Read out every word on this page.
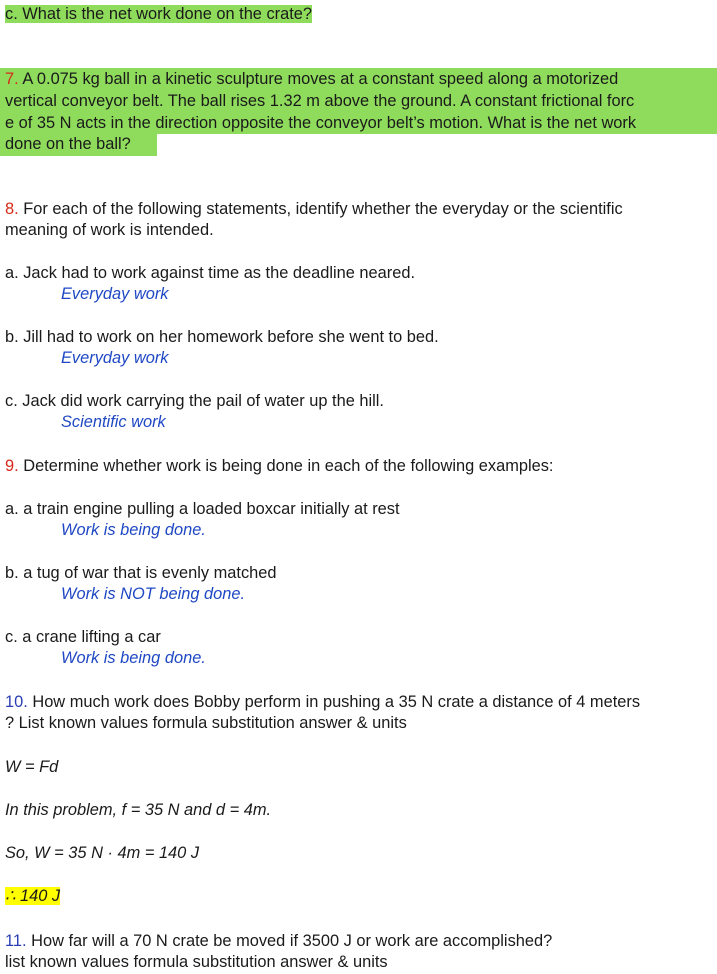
c. What is the net work done on the crate?
7. A 0.075 kg ball in a kinetic sculpture moves at a constant speed along a motorized
vertical conveyor belt. The ball rises 1.32 m above the ground. A constant frictional forc
e of 35 N acts in the direction opposite the conveyor belt’s motion. What is the net work
done on the ball?
8. For each of the following statements, identify whether the everyday or the scientific
meaning of work is intended.
a. Jack had to work against time as the deadline neared.
Everyday work
b. Jill had to work on her homework before she went to bed.
Everyday work
c. Jack did work carrying the pail of water up the hill.
Scientific work
9. Determine whether work is being done in each of the following examples:
a. a train engine pulling a loaded boxcar initially at rest
Work is being done.
b. a tug of war that is evenly matched
Work is NOT being done.
c. a crane lifting a car
Work is being done.
10. How much work does Bobby perform in pushing a 35 N crate a distance of 4 meters
? List known values formula substitution answer & units
W = Fd
In this problem, f = 35 N and d = 4m.
So, W = 35 N · 4m = 140 J
∴ 140 J
11. How far will a 70 N crate be moved if 3500 J or work are accomplished?
list known values formula substitution answer & units
